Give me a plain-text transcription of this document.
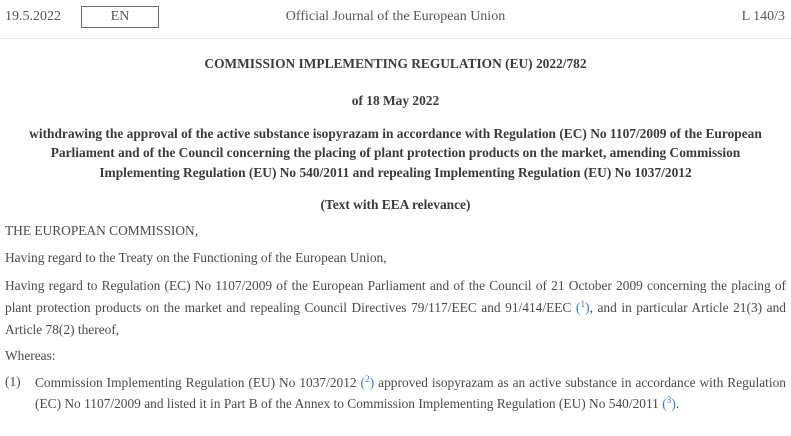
19.5.2022	EN	Official Journal of the European Union	L 140/3
COMMISSION IMPLEMENTING REGULATION (EU) 2022/782
of 18 May 2022
withdrawing the approval of the active substance isopyrazam in accordance with Regulation (EC) No 1107/2009 of the European Parliament and of the Council concerning the placing of plant protection products on the market, amending Commission Implementing Regulation (EU) No 540/2011 and repealing Implementing Regulation (EU) No 1037/2012
(Text with EEA relevance)
THE EUROPEAN COMMISSION,
Having regard to the Treaty on the Functioning of the European Union,
Having regard to Regulation (EC) No 1107/2009 of the European Parliament and of the Council of 21 October 2009 concerning the placing of plant protection products on the market and repealing Council Directives 79/117/EEC and 91/414/EEC ($^1$), and in particular Article 21(3) and Article 78(2) thereof,
Whereas:
(1) Commission Implementing Regulation (EU) No 1037/2012 ($^2$) approved isopyrazam as an active substance in accordance with Regulation (EC) No 1107/2009 and listed it in Part B of the Annex to Commission Implementing Regulation (EU) No 540/2011 ($^3$).
